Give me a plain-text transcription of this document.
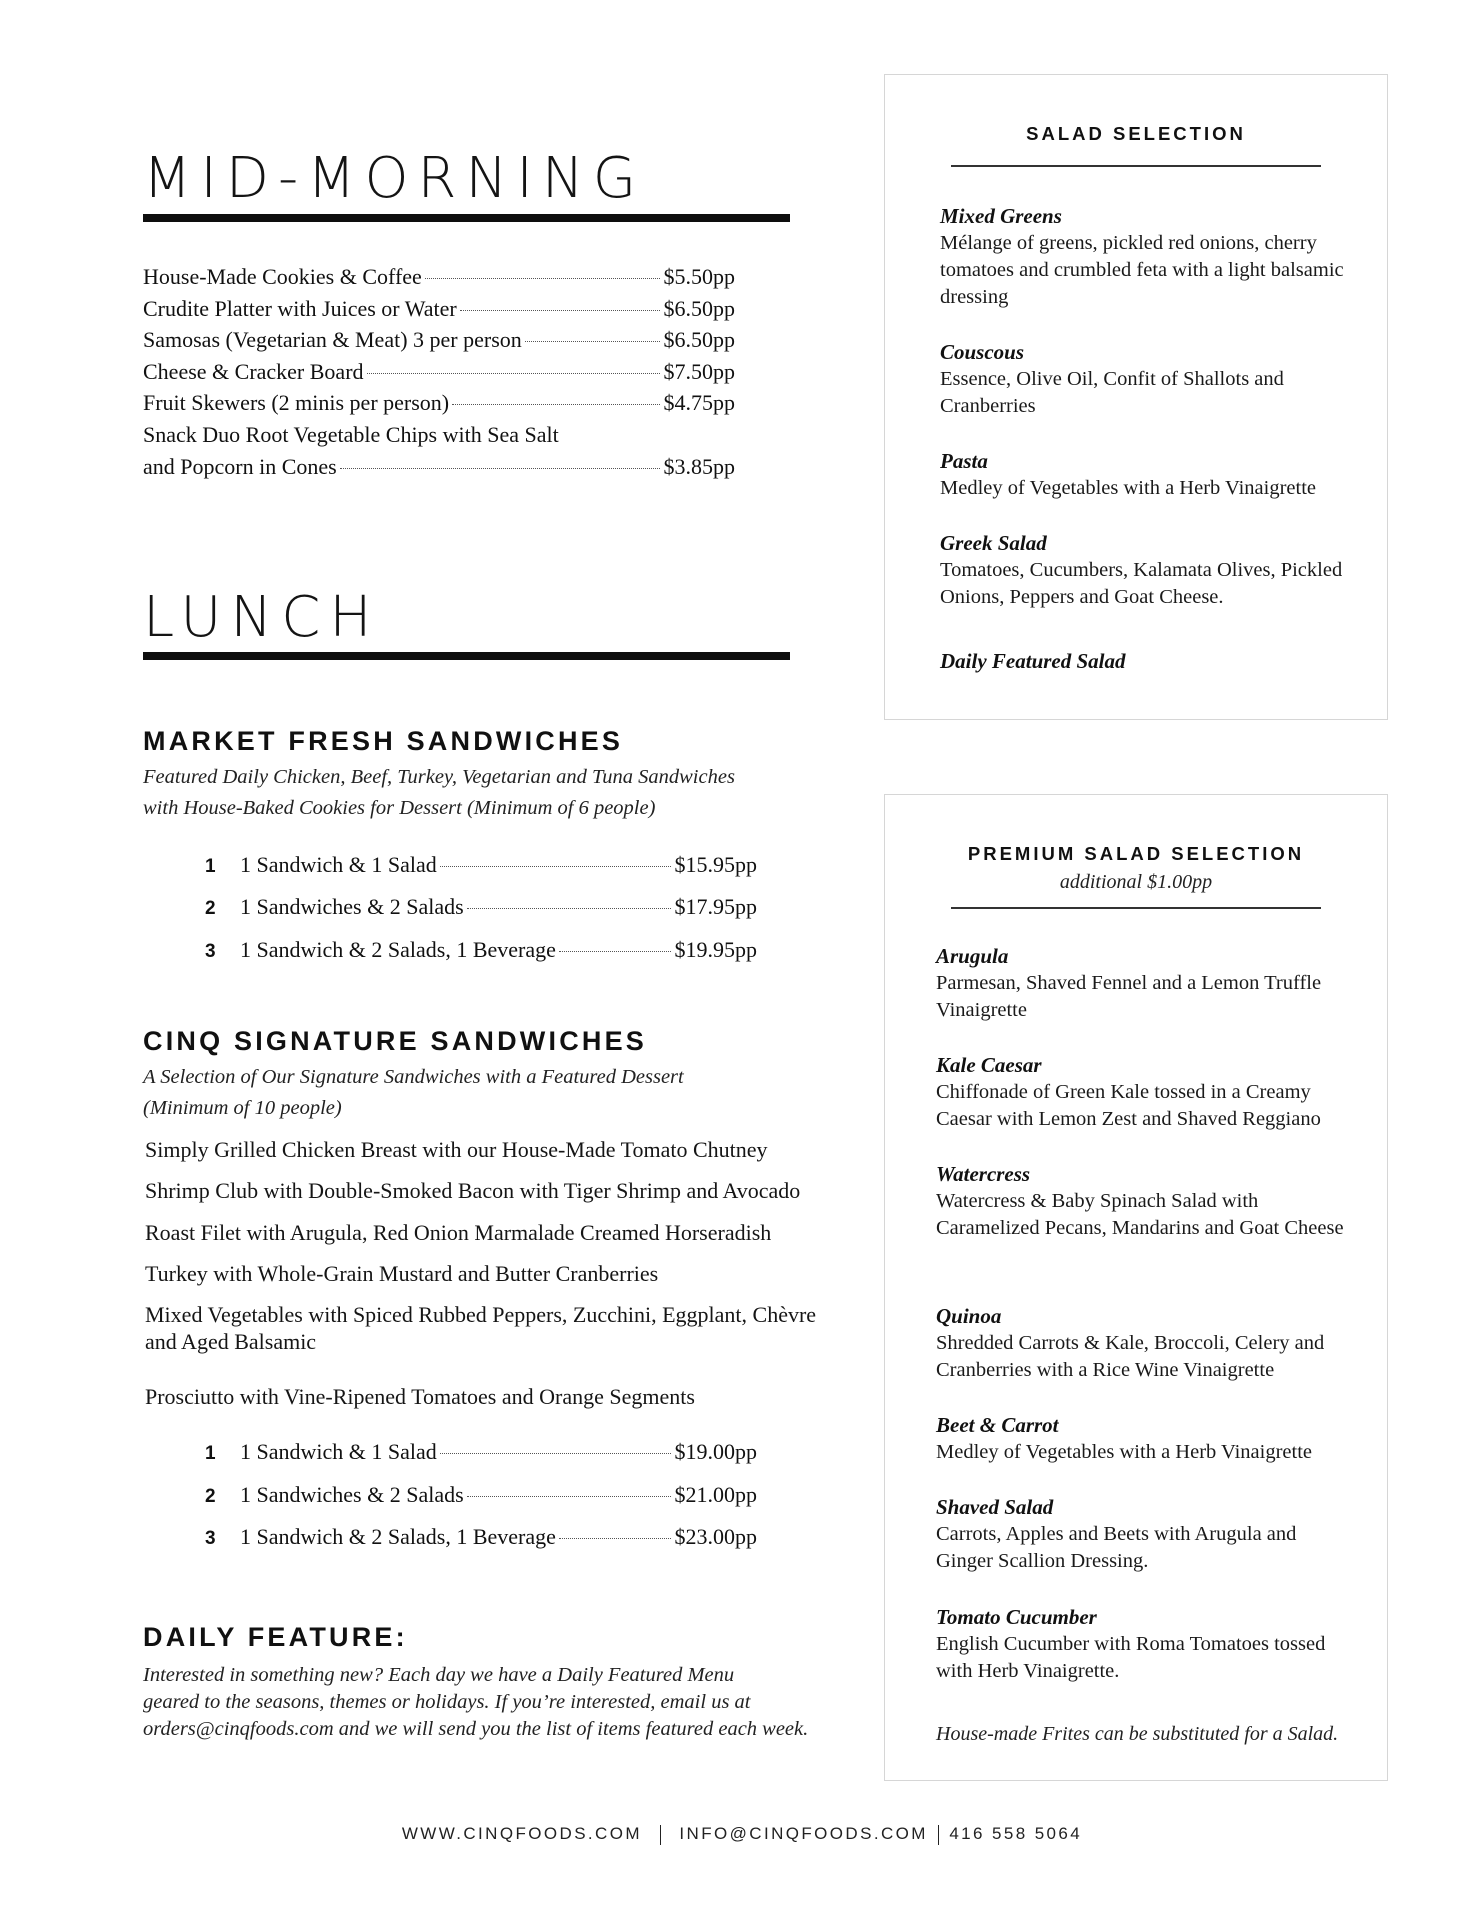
MID-MORNING
House-Made Cookies & Coffee	$5.50pp
Crudite Platter with Juices or Water	$6.50pp
Samosas (Vegetarian & Meat) 3 per person	$6.50pp
Cheese & Cracker Board	$7.50pp
Fruit Skewers (2 minis per person)	$4.75pp
Snack Duo Root Vegetable Chips with Sea Salt
and Popcorn in Cones	$3.85pp
LUNCH
MARKET FRESH SANDWICHES
Featured Daily Chicken, Beef, Turkey, Vegetarian and Tuna Sandwiches
with House-Baked Cookies for Dessert (Minimum of 6 people)
1	1 Sandwich & 1 Salad	$15.95pp
2	1 Sandwiches & 2 Salads	$17.95pp
3	1 Sandwich & 2 Salads, 1 Beverage	$19.95pp
CINQ SIGNATURE SANDWICHES
A Selection of Our Signature Sandwiches with a Featured Dessert
(Minimum of 10 people)
Simply Grilled Chicken Breast with our House-Made Tomato Chutney
Shrimp Club with Double-Smoked Bacon with Tiger Shrimp and Avocado
Roast Filet with Arugula, Red Onion Marmalade Creamed Horseradish
Turkey with Whole-Grain Mustard and Butter Cranberries
Mixed Vegetables with Spiced Rubbed Peppers, Zucchini, Eggplant, Chèvre and Aged Balsamic
Prosciutto with Vine-Ripened Tomatoes and Orange Segments
1	1 Sandwich & 1 Salad	$19.00pp
2	1 Sandwiches & 2 Salads	$21.00pp
3	1 Sandwich & 2 Salads, 1 Beverage	$23.00pp
DAILY FEATURE:
Interested in something new? Each day we have a Daily Featured Menu
geared to the seasons, themes or holidays. If you’re interested, email us at
orders@cinqfoods.com and we will send you the list of items featured each week.
SALAD SELECTION
Mixed Greens
Mélange of greens, pickled red onions, cherry tomatoes and crumbled feta with a light balsamic dressing
Couscous
Essence, Olive Oil, Confit of Shallots and Cranberries
Pasta
Medley of Vegetables with a Herb Vinaigrette
Greek Salad
Tomatoes, Cucumbers, Kalamata Olives, Pickled Onions, Peppers and Goat Cheese.
Daily Featured Salad
PREMIUM SALAD SELECTION
additional $1.00pp
Arugula
Parmesan, Shaved Fennel and a Lemon Truffle Vinaigrette
Kale Caesar
Chiffonade of Green Kale tossed in a Creamy Caesar with Lemon Zest and Shaved Reggiano
Watercress
Watercress & Baby Spinach Salad with Caramelized Pecans, Mandarins and Goat Cheese
Quinoa
Shredded Carrots & Kale, Broccoli, Celery and Cranberries with a Rice Wine Vinaigrette
Beet & Carrot
Medley of Vegetables with a Herb Vinaigrette
Shaved Salad
Carrots, Apples and Beets with Arugula and Ginger Scallion Dressing.
Tomato Cucumber
English Cucumber with Roma Tomatoes tossed with Herb Vinaigrette.
House-made Frites can be substituted for a Salad.
WWW.CINQFOODS.COM INFO@CINQFOODS.COM 416 558 5064
